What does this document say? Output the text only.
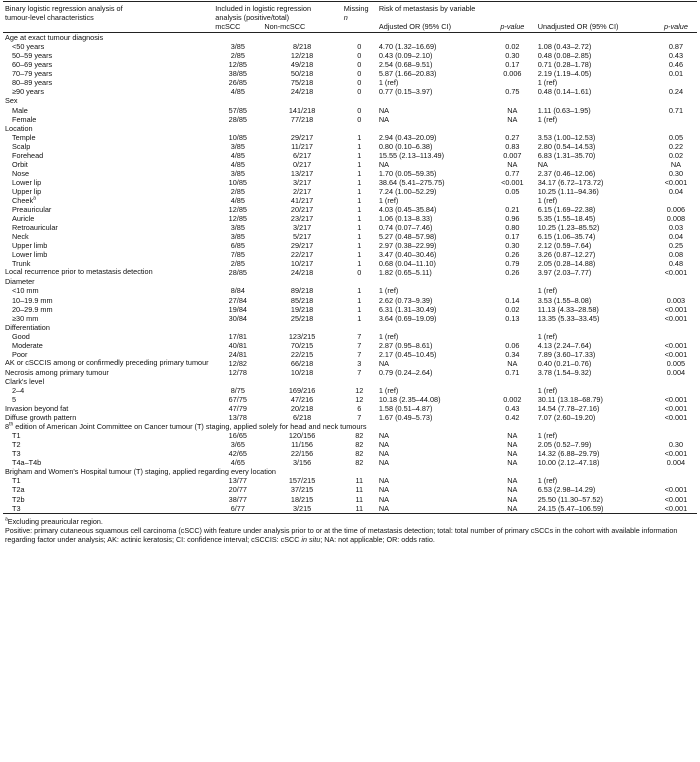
Binary logistic regression analysis of
tumour-level characteristics	Included in logistic regression
analysis (positive/total)		Missing
n	Risk of metastasis by variable			
	mcSCC	Non-mcSCC		Adjusted OR (95% CI)	p-value	Unadjusted OR (95% CI)	p-value
Age at exact tumour diagnosis							
<50 years	3/85	8/218	0	4.70 (1.32–16.69)	0.02	1.08 (0.43–2.72)	0.87
50–59 years	2/85	12/218	0	0.43 (0.09–2.10)	0.30	0.48 (0.08–2.85)	0.43
60–69 years	12/85	49/218	0	2.54 (0.68–9.51)	0.17	0.71 (0.28–1.78)	0.46
70–79 years	38/85	50/218	0	5.87 (1.66–20.83)	0.006	2.19 (1.19–4.05)	0.01
80–89 years	26/85	75/218	0	1 (ref)		1 (ref)	
≥90 years	4/85	24/218	0	0.77 (0.15–3.97)	0.75	0.48 (0.14–1.61)	0.24
Sex							
Male	57/85	141/218	0	NA	NA	1.11 (0.63–1.95)	0.71
Female	28/85	77/218	0	NA	NA	1 (ref)	
Location							
Temple	10/85	29/217	1	2.94 (0.43–20.09)	0.27	3.53 (1.00–12.53)	0.05
Scalp	3/85	11/217	1	0.80 (0.10–6.38)	0.83	2.80 (0.54–14.53)	0.22
Forehead	4/85	6/217	1	15.55 (2.13–113.49)	0.007	6.83 (1.31–35.70)	0.02
Orbit	4/85	0/217	1	NA	NA	NA	NA
Nose	3/85	13/217	1	1.70 (0.05–59.35)	0.77	2.37 (0.46–12.06)	0.30
Lower lip	10/85	3/217	1	38.64 (5.41–275.75)	<0.001	34.17 (6.72–173.72)	<0.001
Upper lip	2/85	2/217	1	7.24 (1.00–52.29)	0.05	10.25 (1.11–94.36)	0.04
Cheek$^a$	4/85	41/217	1	1 (ref)		1 (ref)	
Preauricular	12/85	20/217	1	4.03 (0.45–35.84)	0.21	6.15 (1.69–22.38)	0.006
Auricle	12/85	23/217	1	1.06 (0.13–8.33)	0.96	5.35 (1.55–18.45)	0.008
Retroauricular	3/85	3/217	1	0.74 (0.07–7.46)	0.80	10.25 (1.23–85.52)	0.03
Neck	3/85	5/217	1	5.27 (0.48–57.98)	0.17	6.15 (1.06–35.74)	0.04
Upper limb	6/85	29/217	1	2.97 (0.38–22.99)	0.30	2.12 (0.59–7.64)	0.25
Lower limb	7/85	22/217	1	3.47 (0.40–30.46)	0.26	3.26 (0.87–12.27)	0.08
Trunk	2/85	10/217	1	0.68 (0.04–11.10)	0.79	2.05 (0.28–14.88)	0.48
Local recurrence prior to metastasis detection	28/85	24/218	0	1.82 (0.65–5.11)	0.26	3.97 (2.03–7.77)	<0.001
Diameter							
<10 mm	8/84	89/218	1	1 (ref)		1 (ref)	
10–19.9 mm	27/84	85/218	1	2.62 (0.73–9.39)	0.14	3.53 (1.55–8.08)	0.003
20–29.9 mm	19/84	19/218	1	6.31 (1.31–30.49)	0.02	11.13 (4.33–28.58)	<0.001
≥30 mm	30/84	25/218	1	3.64 (0.69–19.09)	0.13	13.35 (5.33–33.45)	<0.001
Differentiation							
Good	17/81	123/215	7	1 (ref)		1 (ref)	
Moderate	40/81	70/215	7	2.87 (0.95–8.61)	0.06	4.13 (2.24–7.64)	<0.001
Poor	24/81	22/215	7	2.17 (0.45–10.45)	0.34	7.89 (3.60–17.33)	<0.001
AK or cSCCIS among or confirmedly preceding primary tumour	12/82	66/218	3	NA	NA	0.40 (0.21–0.76)	0.005
Necrosis among primary tumour	12/78	10/218	7	0.79 (0.24–2.64)	0.71	3.78 (1.54–9.32)	0.004
Clark's level							
2–4	8/75	169/216	12	1 (ref)		1 (ref)	
5	67/75	47/216	12	10.18 (2.35–44.08)	0.002	30.11 (13.18–68.79)	<0.001
Invasion beyond fat	47/79	20/218	6	1.58 (0.51–4.87)	0.43	14.54 (7.78–27.16)	<0.001
Diffuse growth pattern	13/78	6/218	7	1.67 (0.49–5.73)	0.42	7.07 (2.60–19.20)	<0.001
8th edition of American Joint Committee on Cancer tumour (T) staging, applied solely for head and neck tumours							
T1	16/65	120/156	82	NA	NA	1 (ref)	
T2	3/65	11/156	82	NA	NA	2.05 (0.52–7.99)	0.30
T3	42/65	22/156	82	NA	NA	14.32 (6.88–29.79)	<0.001
T4a–T4b	4/65	3/156	82	NA	NA	10.00 (2.12–47.18)	0.004
Brigham and Women's Hospital tumour (T) staging, applied regarding every location							
T1	13/77	157/215	11	NA	NA	1 (ref)	
T2a	20/77	37/215	11	NA	NA	6.53 (2.98–14.29)	<0.001
T2b	38/77	18/215	11	NA	NA	25.50 (11.30–57.52)	<0.001
T3	6/77	3/215	11	NA	NA	24.15 (5.47–106.59)	<0.001

$^a$Excluding preauricular region.

Positive: primary cutaneous squamous cell carcinoma (cSCC) with feature under analysis prior to or at the time of metastasis detection; total: total number of primary cSCCs in the cohort with available information regarding factor under analysis; AK: actinic keratosis; CI: confidence interval; cSCCIS: cSCC in situ; NA: not applicable; OR: odds ratio.
